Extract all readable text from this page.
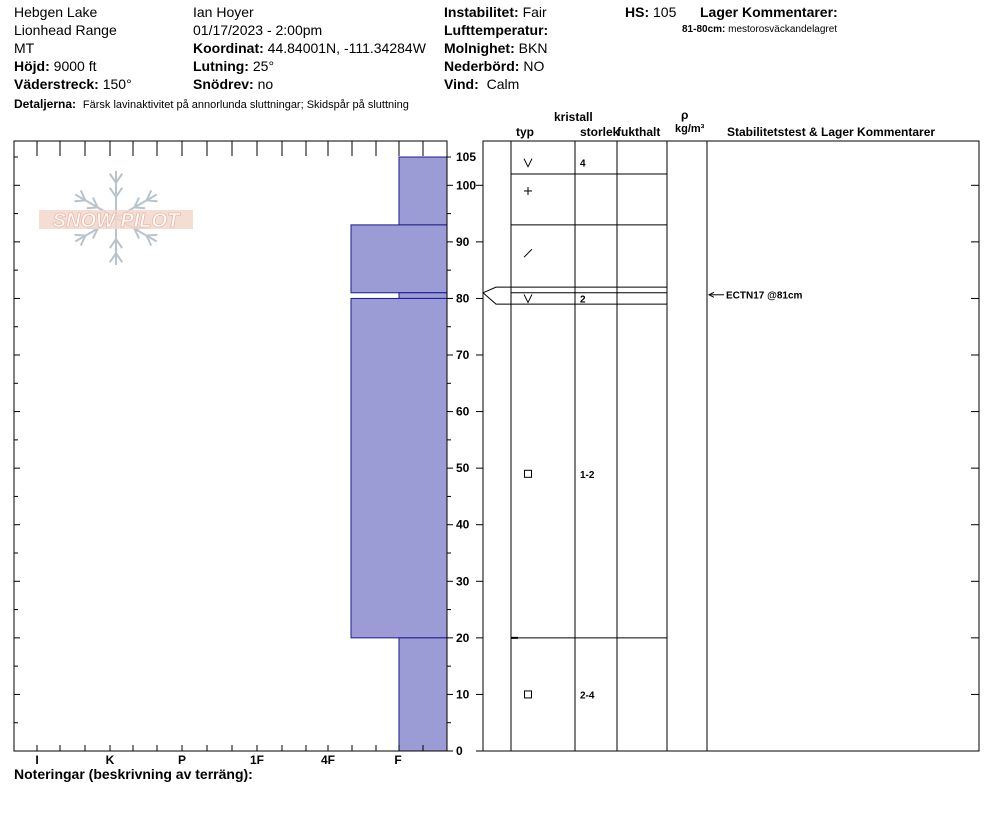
Hebgen Lake
Lionhead Range
MT
Höjd: 9000 ft
Väderstreck: 150°
Detaljerna: Färsk lavinaktivitet på annorlunda sluttningar; Skidspår på sluttning
Ian Hoyer
01/17/2023 - 2:00pm
Koordinat: 44.84001N, -111.34284W
Lutning: 25°
Snödrev: no
Instabilitet: Fair
Lufttemperatur:
Molnighet: BKN
Nederbörd: NO
Vind: Calm
HS: 105 Lager Kommentarer:
81-80cm: mestorosväckandelagret
kristall
typ	storlek
fukthalt
ρ
kg/m³ Stabilitetstest & Lager Kommentarer
Noteringar (beskrivning av terräng):
SNOW PILOT
0
10
20
30
40
50
60
70
80
90
100
105
I	K	P	1F	4F	F
4
2
1-2
2-4
ECTN17 @81cm
